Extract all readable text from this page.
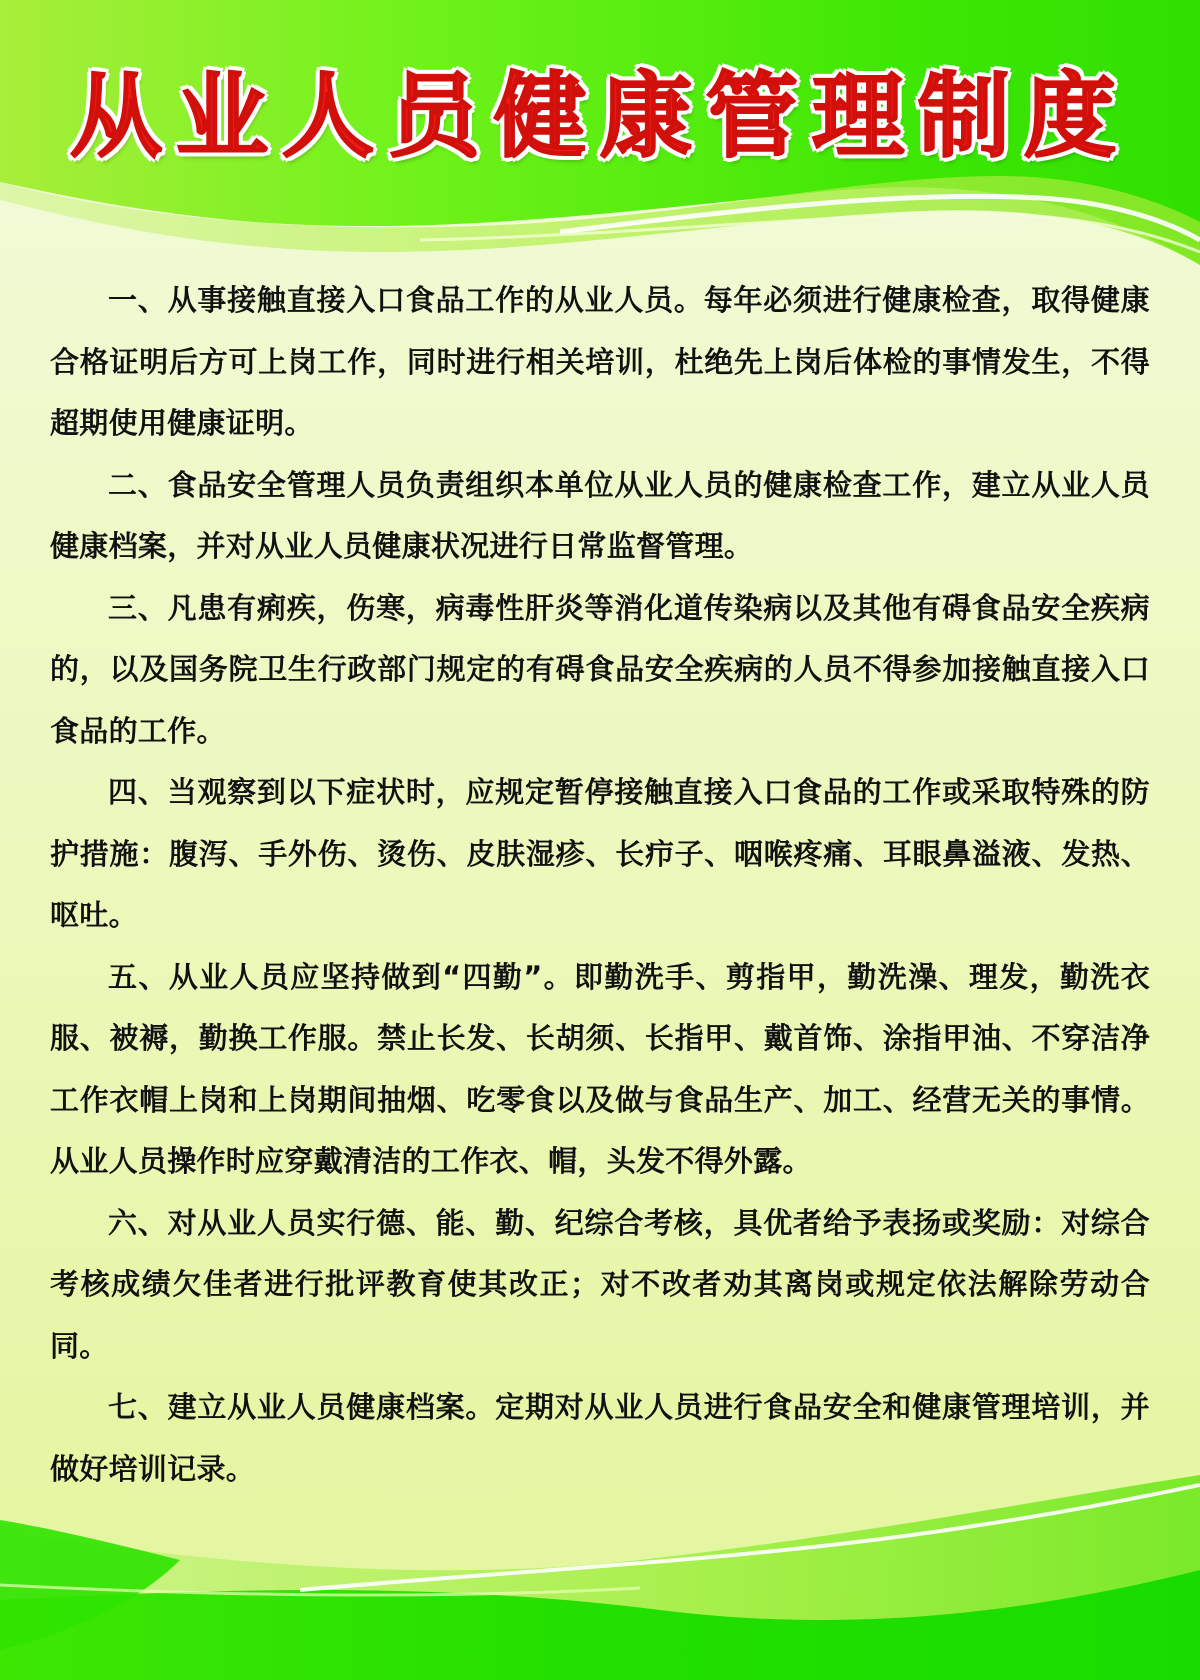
从业人员健康管理制度

一、从事接触直接入口食品工作的从业人员。每年必须进行健康检查，取得健康合格证明后方可上岗工作，同时进行相关培训，杜绝先上岗后体检的事情发生，不得超期使用健康证明。

二、食品安全管理人员负责组织本单位从业人员的健康检查工作，建立从业人员健康档案，并对从业人员健康状况进行日常监督管理。

三、凡患有痢疾，伤寒，病毒性肝炎等消化道传染病以及其他有碍食品安全疾病的，以及国务院卫生行政部门规定的有碍食品安全疾病的人员不得参加接触直接入口食品的工作。

四、当观察到以下症状时，应规定暂停接触直接入口食品的工作或采取特殊的防护措施：腹泻、手外伤、烫伤、皮肤湿疹、长疖子、咽喉疼痛、耳眼鼻溢液、发热、呕吐。

五、从业人员应坚持做到“四勤”。即勤洗手、剪指甲，勤洗澡、理发，勤洗衣服、被褥，勤换工作服。禁止长发、长胡须、长指甲、戴首饰、涂指甲油、不穿洁净工作衣帽上岗和上岗期间抽烟、吃零食以及做与食品生产、加工、经营无关的事情。从业人员操作时应穿戴清洁的工作衣、帽，头发不得外露。

六、对从业人员实行德、能、勤、纪综合考核，具优者给予表扬或奖励：对综合考核成绩欠佳者进行批评教育使其改正；对不改者劝其离岗或规定依法解除劳动合同。

七、建立从业人员健康档案。定期对从业人员进行食品安全和健康管理培训，并做好培训记录。
